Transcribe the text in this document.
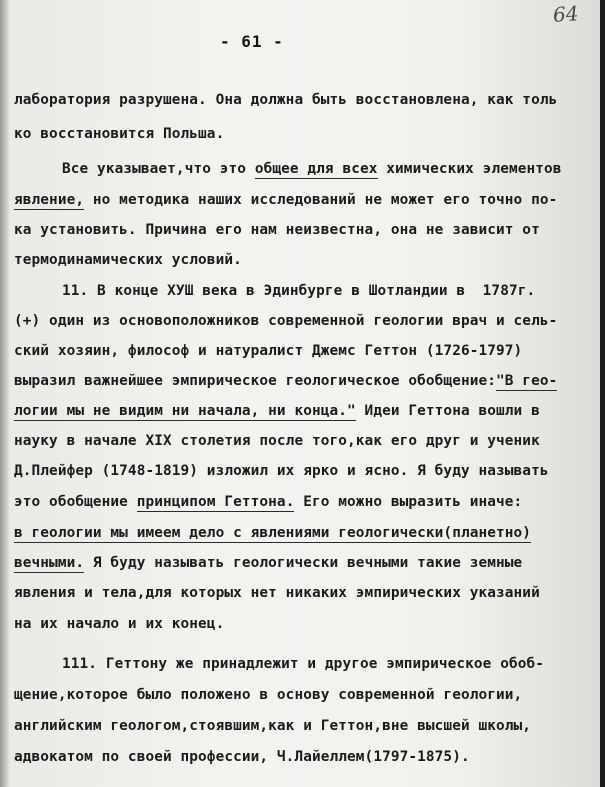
64
- 61 -
лаборатория разрушена. Она должна быть восстановлена, как толь
ко восстановится Польша.
Все указывает,что это общее для всех химических элементов
явление, но методика наших исследований не может его точно по-
ка установить. Причина его нам неизвестна, она не зависит от
термодинамических условий.
11. В конце ХУШ века в Эдинбурге в Шотландии в  1787г.
(+) один из основоположников современной геологии врач и сель-
ский хозяин, философ и натуралист Джемс Геттон (1726-1797)
выразил важнейшее эмпирическое геологическое обобщение:"В гео-
логии мы не видим ни начала, ни конца." Идеи Геттона вошли в
науку в начале XIX столетия после того,как его друг и ученик
Д.Плейфер (1748-1819) изложил их ярко и ясно. Я буду называть
это обобщение принципом Геттона. Его можно выразить иначе:
в геологии мы имеем дело с явлениями геологически(планетно)
вечными. Я буду называть геологически вечными такие земные
явления и тела,для которых нет никаких эмпирических указаний
на их начало и их конец.
111. Геттону же принадлежит и другое эмпирическое обоб-
щение,которое было положено в основу современной геологии,
английским геологом,стоявшим,как и Геттон,вне высшей школы,
адвокатом по своей профессии, Ч.Лайеллем(1797-1875).
